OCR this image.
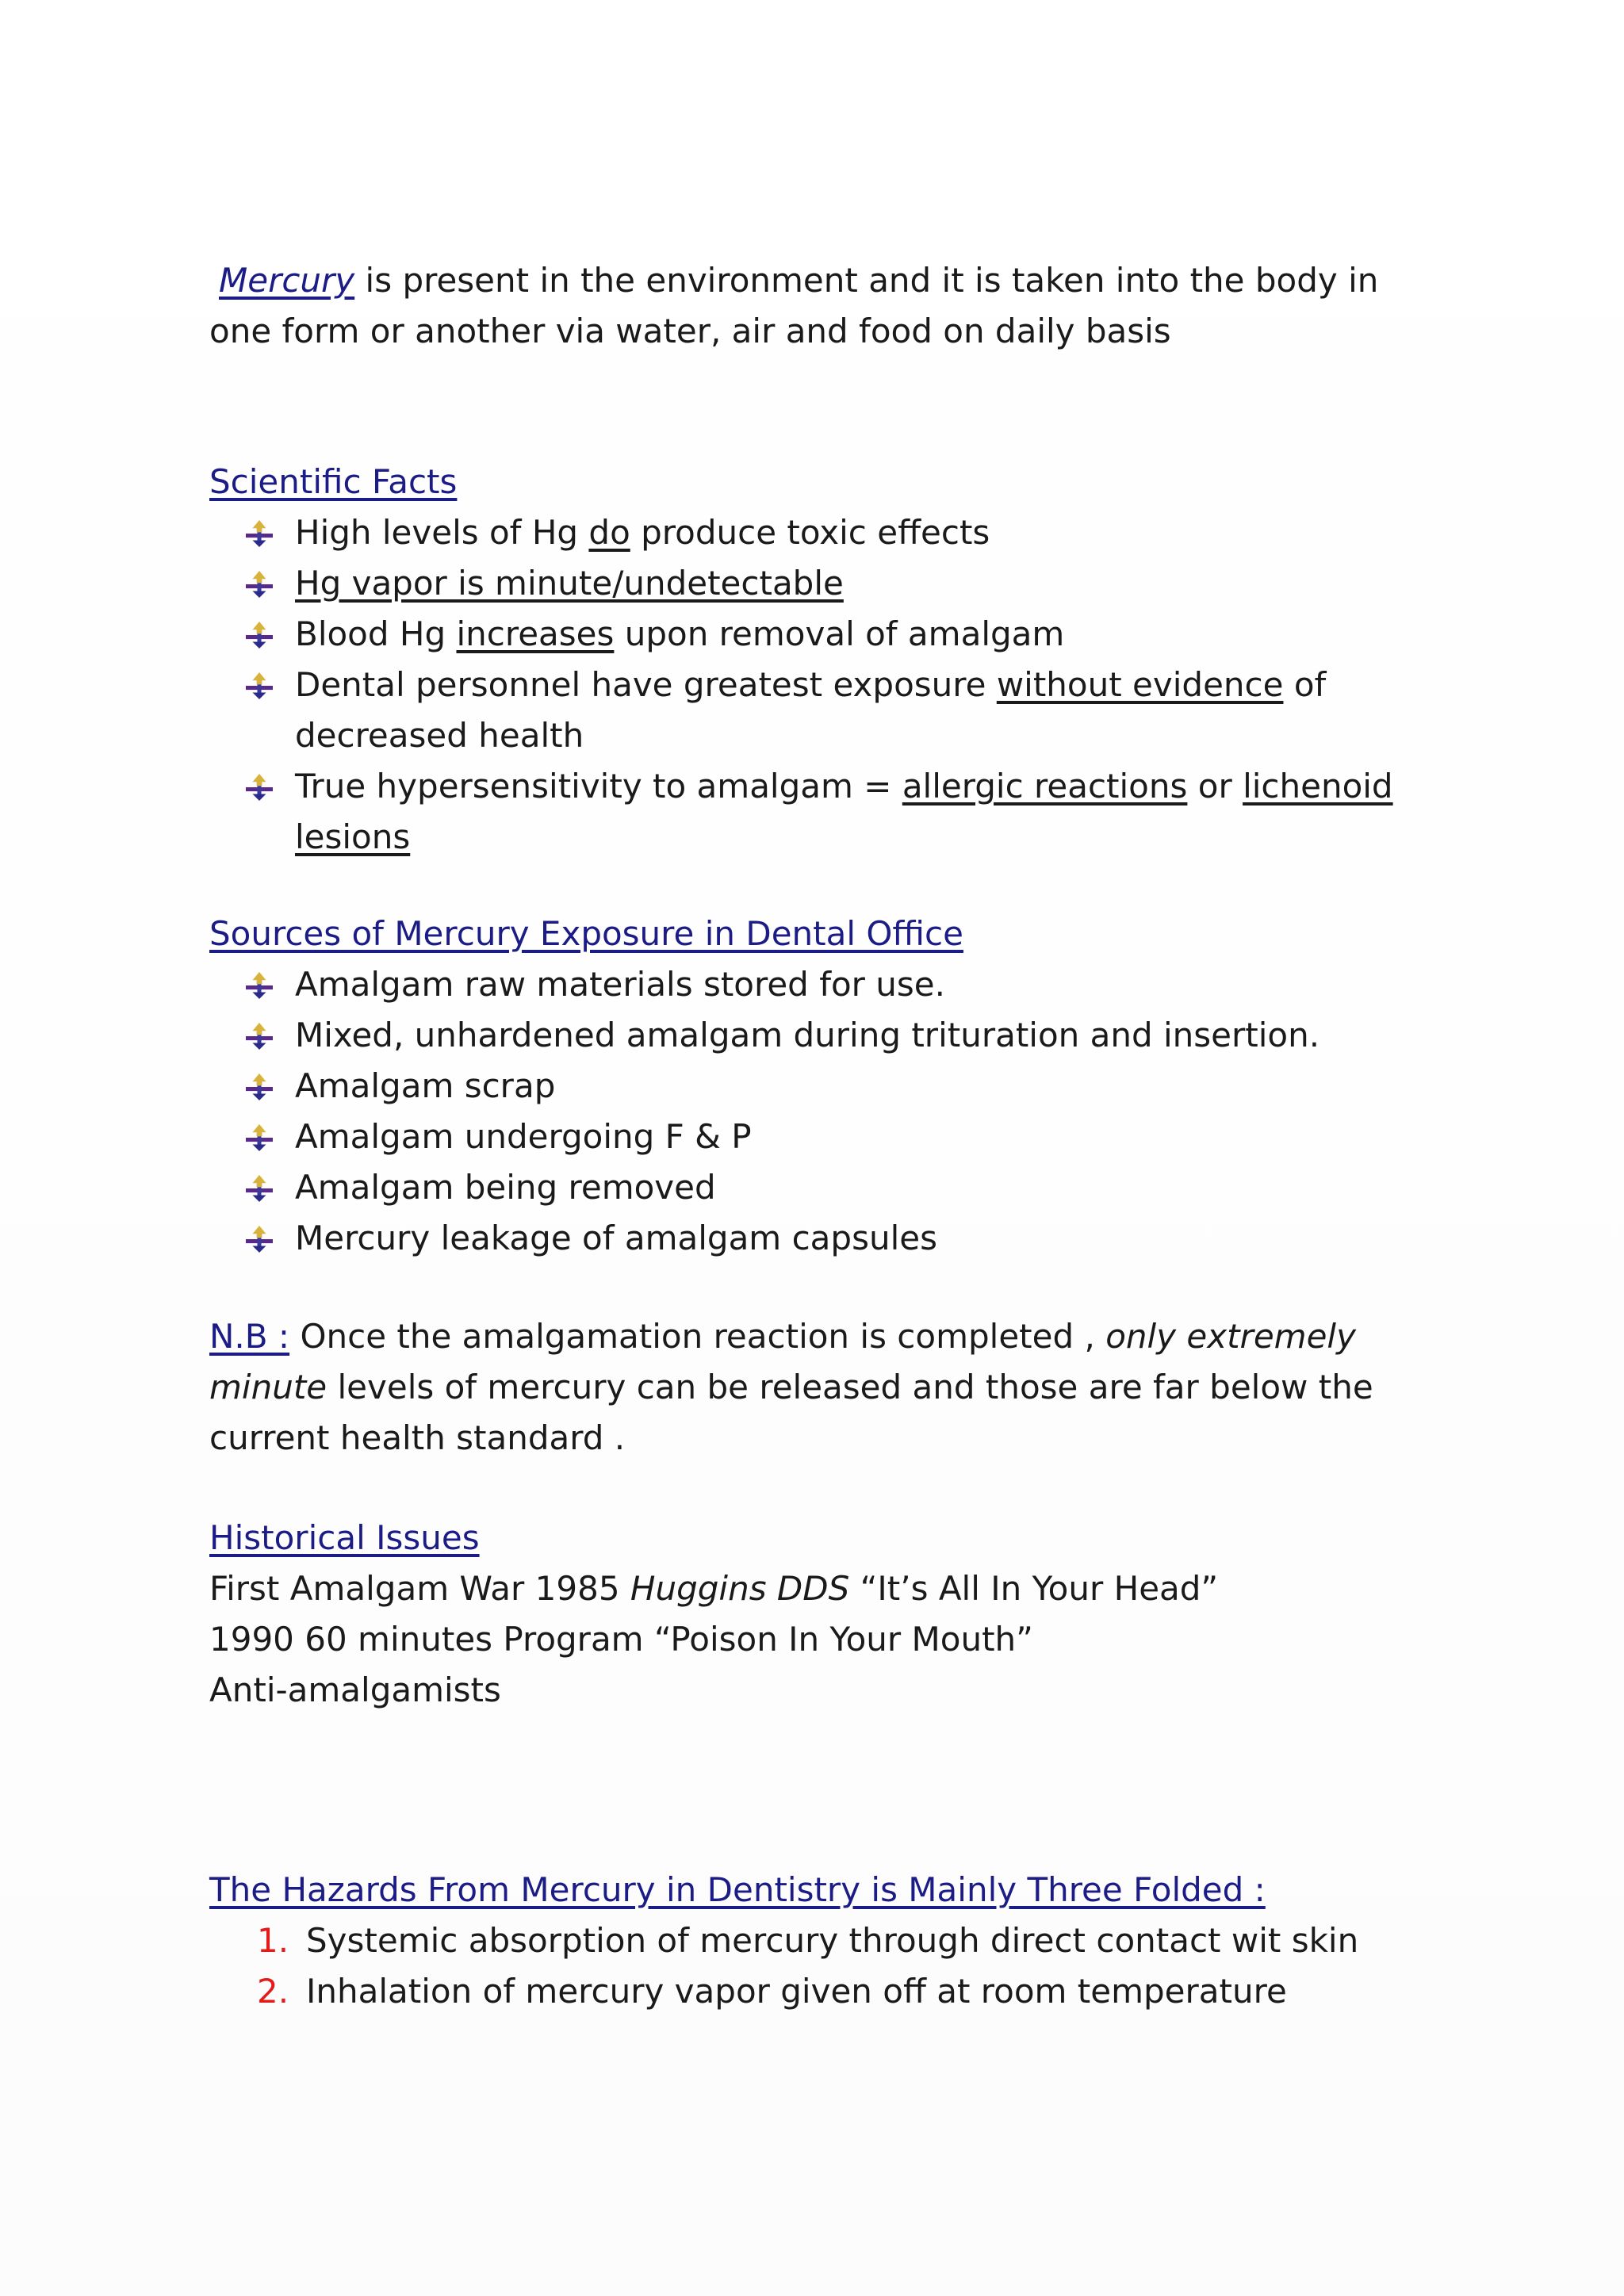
Mercury is present in the environment and it is taken into the body in one form or another via water, air and food on daily basis
Scientific Facts
High levels of Hg do produce toxic effects
Hg vapor is minute/undetectable
Blood Hg increases upon removal of amalgam
Dental personnel have greatest exposure without evidence of decreased health
True hypersensitivity to amalgam = allergic reactions or lichenoid lesions
Sources of Mercury Exposure in Dental Office
Amalgam raw materials stored for use.
Mixed, unhardened amalgam during trituration and insertion.
Amalgam scrap
Amalgam undergoing F & P
Amalgam being removed
Mercury leakage of amalgam capsules
N.B : Once the amalgamation reaction is completed , only extremely minute levels of mercury can be released and those are far below the current health standard .
Historical Issues
First Amalgam War 1985 Huggins DDS “It’s All In Your Head”
1990 60 minutes Program “Poison In Your Mouth”
Anti-amalgamists
The Hazards From Mercury in Dentistry is Mainly Three Folded :
1. Systemic absorption of mercury through direct contact wit skin
2. Inhalation of mercury vapor given off at room temperature
